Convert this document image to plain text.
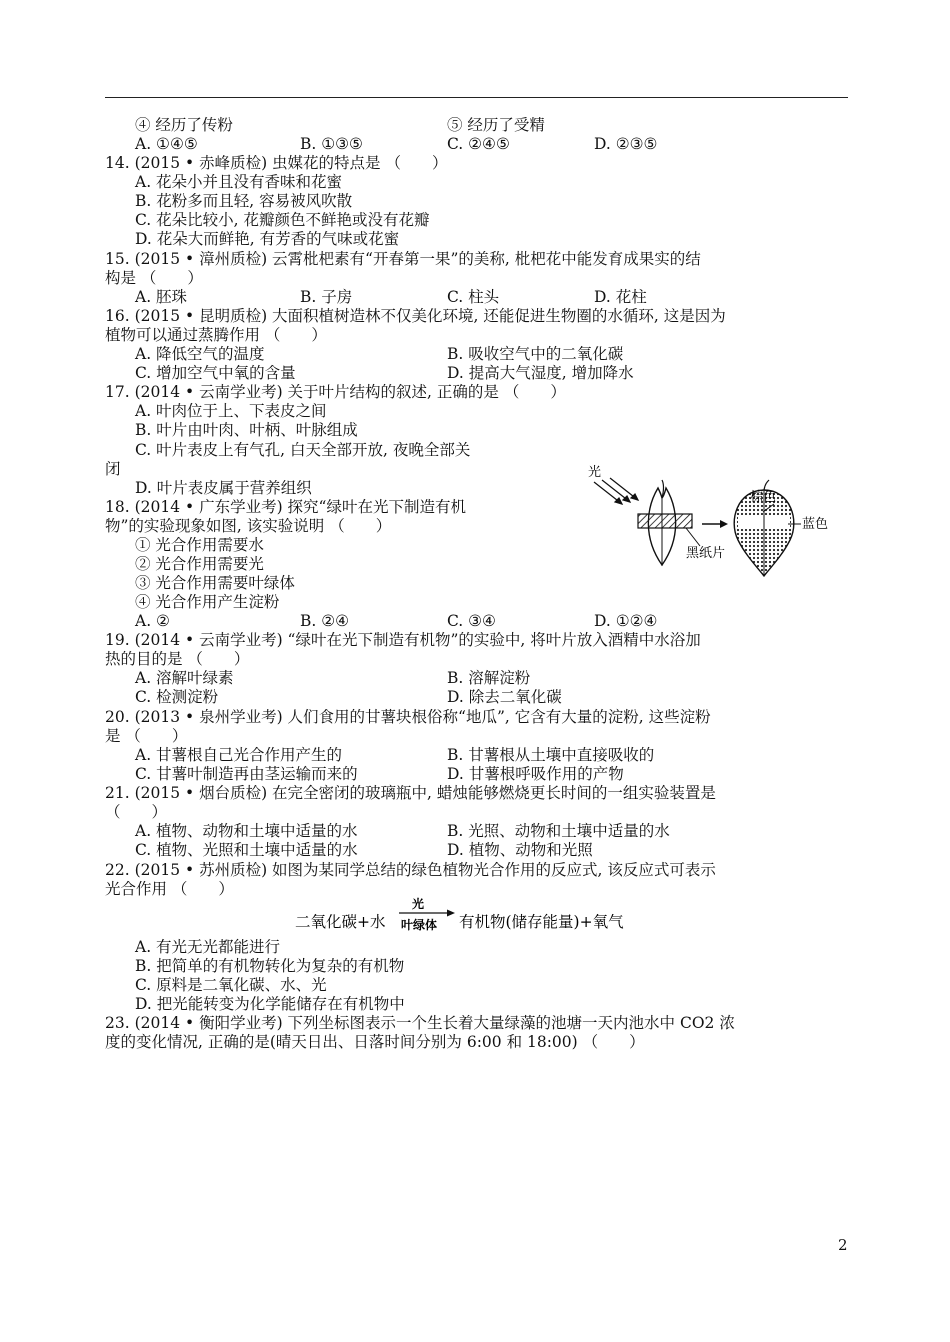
④ 经历了传粉	⑤ 经历了受精
A. ①④⑤	B. ①③⑤	C. ②④⑤	D. ②③⑤
14. (2015 • 赤峰质检) 虫媒花的特点是 （　　）
A. 花朵小并且没有香味和花蜜
B. 花粉多而且轻, 容易被风吹散
C. 花朵比较小, 花瓣颜色不鲜艳或没有花瓣
D. 花朵大而鲜艳, 有芳香的气味或花蜜
15. (2015 • 漳州质检) 云霄枇杷素有“开春第一果”的美称, 枇杷花中能发育成果实的结
构是 （　　）
A. 胚珠	B. 子房	C. 柱头	D. 花柱
16. (2015 • 昆明质检) 大面积植树造林不仅美化环境, 还能促进生物圈的水循环, 这是因为
植物可以通过蒸腾作用 （　　）
A. 降低空气的温度	B. 吸收空气中的二氧化碳
C. 增加空气中氧的含量	D. 提高大气湿度, 增加降水
17. (2014 • 云南学业考) 关于叶片结构的叙述, 正确的是 （　　）
A. 叶肉位于上、下表皮之间
B. 叶片由叶肉、叶柄、叶脉组成
C. 叶片表皮上有气孔, 白天全部开放, 夜晚全部关
闭
D. 叶片表皮属于营养组织
18. (2014 • 广东学业考) 探究“绿叶在光下制造有机
物”的实验现象如图, 该实验说明 （　　）
① 光合作用需要水
② 光合作用需要光
③ 光合作用需要叶绿体
④ 光合作用产生淀粉
A. ②	B. ②④	C. ③④	D. ①②④
光
棕色
蓝色
黑纸片
19. (2014 • 云南学业考) “绿叶在光下制造有机物”的实验中, 将叶片放入酒精中水浴加
热的目的是 （　　）
A. 溶解叶绿素	B. 溶解淀粉
C. 检测淀粉	D. 除去二氧化碳
20. (2013 • 泉州学业考) 人们食用的甘薯块根俗称“地瓜”, 它含有大量的淀粉, 这些淀粉
是 （　　）
A. 甘薯根自己光合作用产生的	B. 甘薯根从土壤中直接吸收的
C. 甘薯叶制造再由茎运输而来的	D. 甘薯根呼吸作用的产物
21. (2015 • 烟台质检) 在完全密闭的玻璃瓶中, 蜡烛能够燃烧更长时间的一组实验装置是
（　　）
A. 植物、动物和土壤中适量的水	B. 光照、动物和土壤中适量的水
C. 植物、光照和土壤中适量的水	D. 植物、动物和光照
22. (2015 • 苏州质检) 如图为某同学总结的绿色植物光合作用的反应式, 该反应式可表示
光合作用 （　　）
二氧化碳+水
光
叶绿体 有机物(储存能量)+氧气
A. 有光无光都能进行
B. 把简单的有机物转化为复杂的有机物
C. 原料是二氧化碳、水、光
D. 把光能转变为化学能储存在有机物中
23. (2014 • 衡阳学业考) 下列坐标图表示一个生长着大量绿藻的池塘一天内池水中 CO2 浓
度的变化情况, 正确的是(晴天日出、日落时间分别为 6:00 和 18:00) （　　）
2
